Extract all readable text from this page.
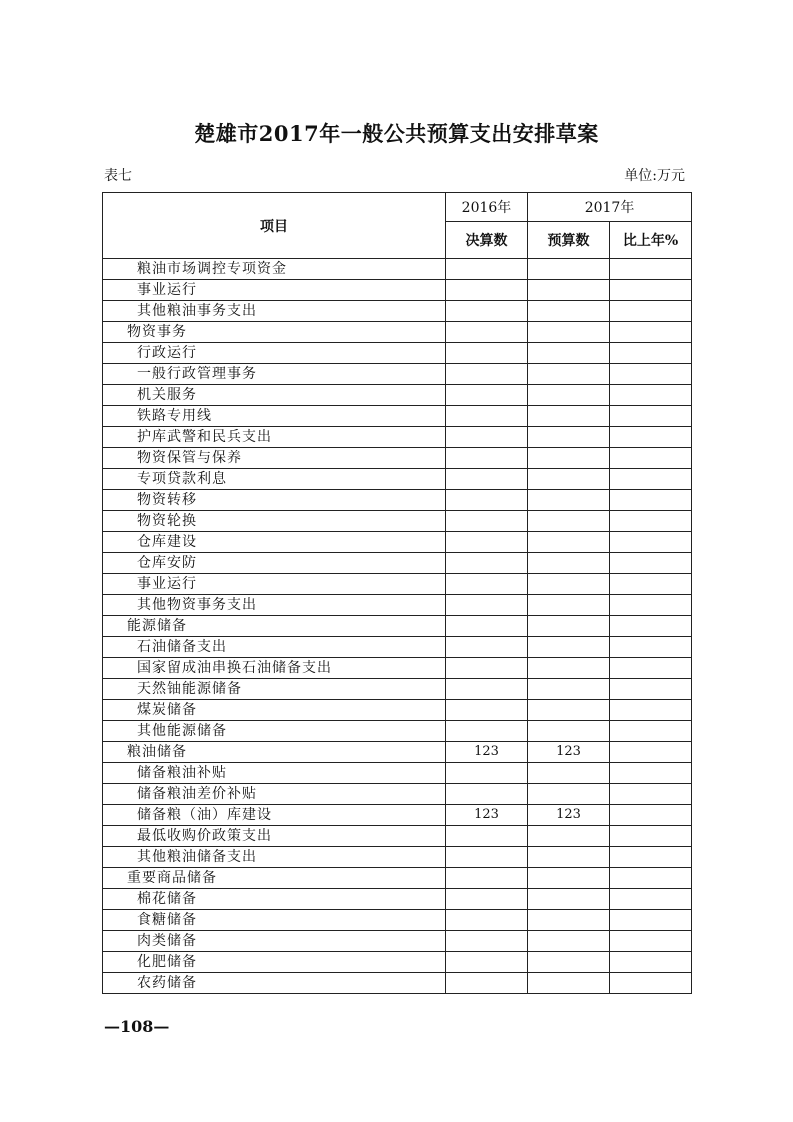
楚雄市2017年一般公共预算支出安排草案
表七	单位:万元
项目	2016年	2017年	
	决算数	预算数	比上年%
粮油市场调控专项资金			
事业运行			
其他粮油事务支出			
物资事务			
行政运行			
一般行政管理事务			
机关服务			
铁路专用线			
护库武警和民兵支出			
物资保管与保养			
专项贷款利息			
物资转移			
物资轮换			
仓库建设			
仓库安防			
事业运行			
其他物资事务支出			
能源储备			
石油储备支出			
国家留成油串换石油储备支出			
天然铀能源储备			
煤炭储备			
其他能源储备			
粮油储备	123	123	
储备粮油补贴			
储备粮油差价补贴			
储备粮（油）库建设	123	123	
最低收购价政策支出			
其他粮油储备支出			
重要商品储备			
棉花储备			
食糖储备			
肉类储备			
化肥储备			
农药储备			
—108—
